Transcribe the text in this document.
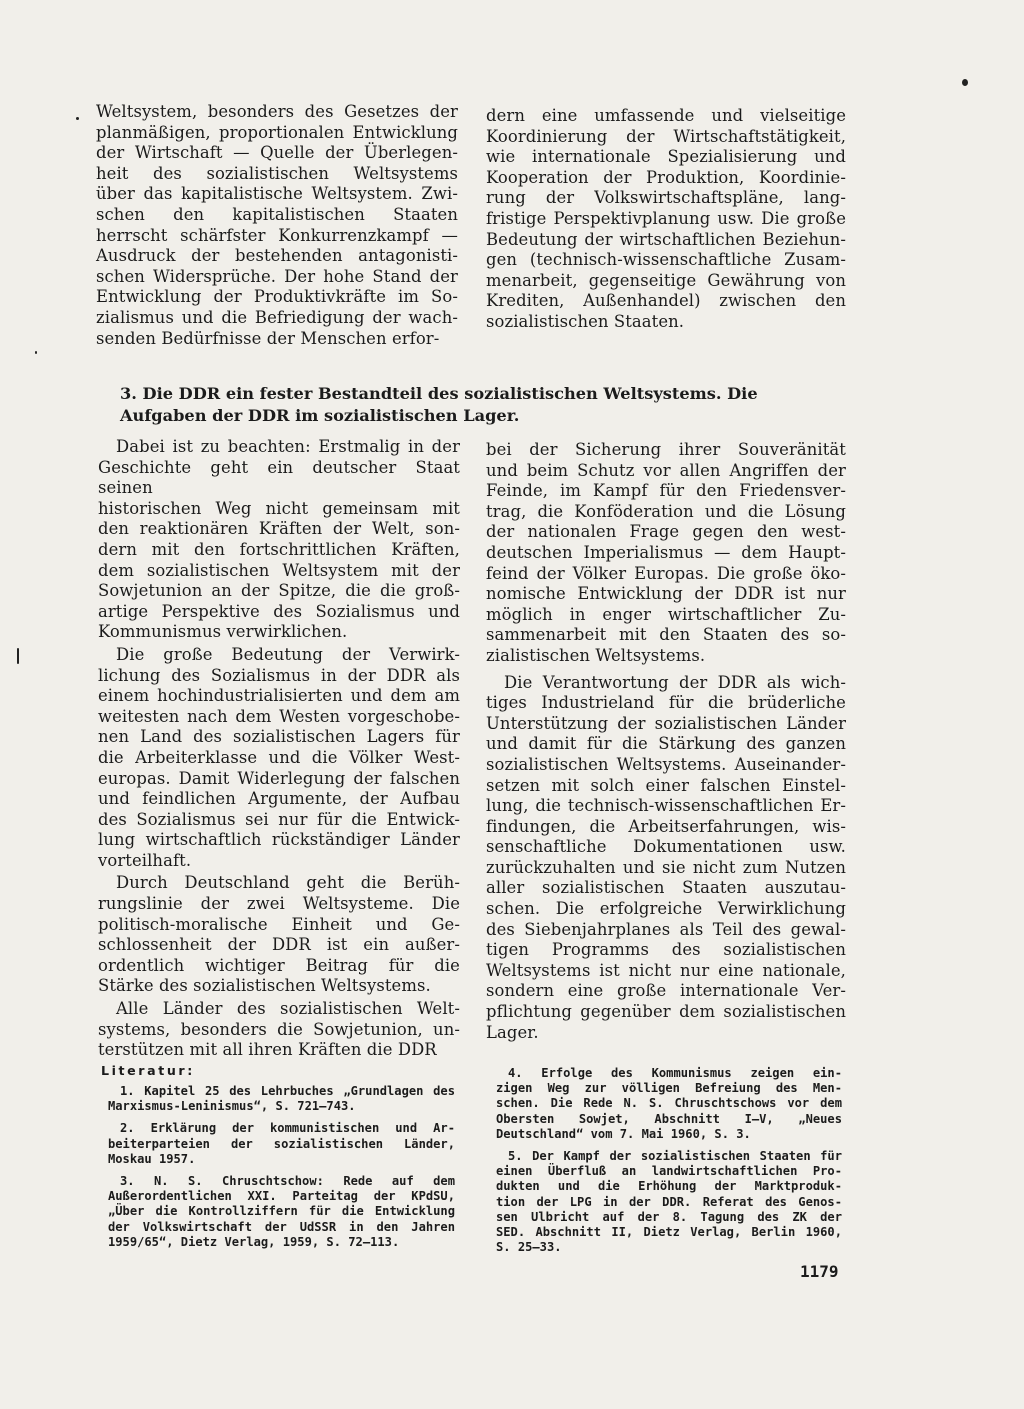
Weltsystem, besonders des Gesetzes der
planmäßigen, proportionalen Entwicklung
der Wirtschaft — Quelle der Überlegen-
heit des sozialistischen Weltsystems
über das kapitalistische Weltsystem. Zwi-
schen den kapitalistischen Staaten
herrscht schärfster Konkurrenzkampf —
Ausdruck der bestehenden antagonisti-
schen Widersprüche. Der hohe Stand der
Entwicklung der Produktivkräfte im So-
zialismus und die Befriedigung der wach-
senden Bedürfnisse der Menschen erfor-
dern eine umfassende und vielseitige
Koordinierung der Wirtschaftstätigkeit,
wie internationale Spezialisierung und
Kooperation der Produktion, Koordinie-
rung der Volkswirtschaftspläne, lang-
fristige Perspektivplanung usw. Die große
Bedeutung der wirtschaftlichen Beziehun-
gen (technisch-wissenschaftliche Zusam-
menarbeit, gegenseitige Gewährung von
Krediten, Außenhandel) zwischen den
sozialistischen Staaten.

3. Die DDR ein fester Bestandteil des sozialistischen Weltsystems. Die Aufgaben der DDR im sozialistischen Lager.

Dabei ist zu beachten: Erstmalig in der
Geschichte geht ein deutscher Staat seinen
historischen Weg nicht gemeinsam mit
den reaktionären Kräften der Welt, son-
dern mit den fortschrittlichen Kräften,
dem sozialistischen Weltsystem mit der
Sowjetunion an der Spitze, die die groß-
artige Perspektive des Sozialismus und
Kommunismus verwirklichen.
Die große Bedeutung der Verwirk-
lichung des Sozialismus in der DDR als
einem hochindustrialisierten und dem am
weitesten nach dem Westen vorgeschobe-
nen Land des sozialistischen Lagers für
die Arbeiterklasse und die Völker West-
europas. Damit Widerlegung der falschen
und feindlichen Argumente, der Aufbau
des Sozialismus sei nur für die Entwick-
lung wirtschaftlich rückständiger Länder
vorteilhaft.
Durch Deutschland geht die Berüh-
rungslinie der zwei Weltsysteme. Die
politisch-moralische Einheit und Ge-
schlossenheit der DDR ist ein außer-
ordentlich wichtiger Beitrag für die
Stärke des sozialistischen Weltsystems.
Alle Länder des sozialistischen Welt-
systems, besonders die Sowjetunion, un-
terstützen mit all ihren Kräften die DDR
bei der Sicherung ihrer Souveränität
und beim Schutz vor allen Angriffen der
Feinde, im Kampf für den Friedensver-
trag, die Konföderation und die Lösung
der nationalen Frage gegen den west-
deutschen Imperialismus — dem Haupt-
feind der Völker Europas. Die große öko-
nomische Entwicklung der DDR ist nur
möglich in enger wirtschaftlicher Zu-
sammenarbeit mit den Staaten des so-
zialistischen Weltsystems.
Die Verantwortung der DDR als wich-
tiges Industrieland für die brüderliche
Unterstützung der sozialistischen Länder
und damit für die Stärkung des ganzen
sozialistischen Weltsystems. Auseinander-
setzen mit solch einer falschen Einstel-
lung, die technisch-wissenschaftlichen Er-
findungen, die Arbeitserfahrungen, wis-
senschaftliche Dokumentationen usw.
zurückzuhalten und sie nicht zum Nutzen
aller sozialistischen Staaten auszutau-
schen. Die erfolgreiche Verwirklichung
des Siebenjahrplanes als Teil des gewal-
tigen Programms des sozialistischen
Weltsystems ist nicht nur eine nationale,
sondern eine große internationale Ver-
pflichtung gegenüber dem sozialistischen
Lager.

Literatur:

1. Kapitel 25 des Lehrbuches „Grundlagen des
Marxismus-Leninismus“, S. 721—743.
2. Erklärung der kommunistischen und Ar-
beiterparteien der sozialistischen Länder,
Moskau 1957.
3. N. S. Chruschtschow: Rede auf dem
Außerordentlichen XXI. Parteitag der KPdSU,
„Über die Kontrollziffern für die Entwicklung
der Volkswirtschaft der UdSSR in den Jahren
1959/65“, Dietz Verlag, 1959, S. 72—113.
4. Erfolge des Kommunismus zeigen ein-
zigen Weg zur völligen Befreiung des Men-
schen. Die Rede N. S. Chruschtschows vor dem
Obersten Sowjet, Abschnitt I—V, „Neues
Deutschland“ vom 7. Mai 1960, S. 3.
5. Der Kampf der sozialistischen Staaten für
einen Überfluß an landwirtschaftlichen Pro-
dukten und die Erhöhung der Marktproduk-
tion der LPG in der DDR. Referat des Genos-
sen Ulbricht auf der 8. Tagung des ZK der
SED. Abschnitt II, Dietz Verlag, Berlin 1960,
S. 25—33.

1179
